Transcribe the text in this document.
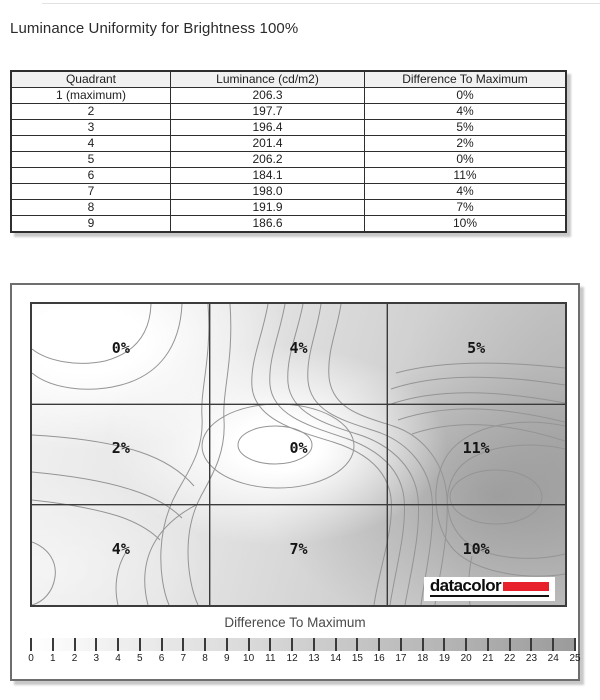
Luminance Uniformity for Brightness 100%
Quadrant	Luminance (cd/m2)	Difference To Maximum
1 (maximum)	206.3	0%
2	197.7	4%
3	196.4	5%
4	201.4	2%
5	206.2	0%
6	184.1	11%
7	198.0	4%
8	191.9	7%
9	186.6	10%
0%	4%	5%
2%	0%	11%
4%	7%	10%
datacolor
Difference To Maximum
0 1 2 3 4 5 6 7 8 9 10 11 12 13 14 15 16 17 18 19 20 21 22 23 24 25
